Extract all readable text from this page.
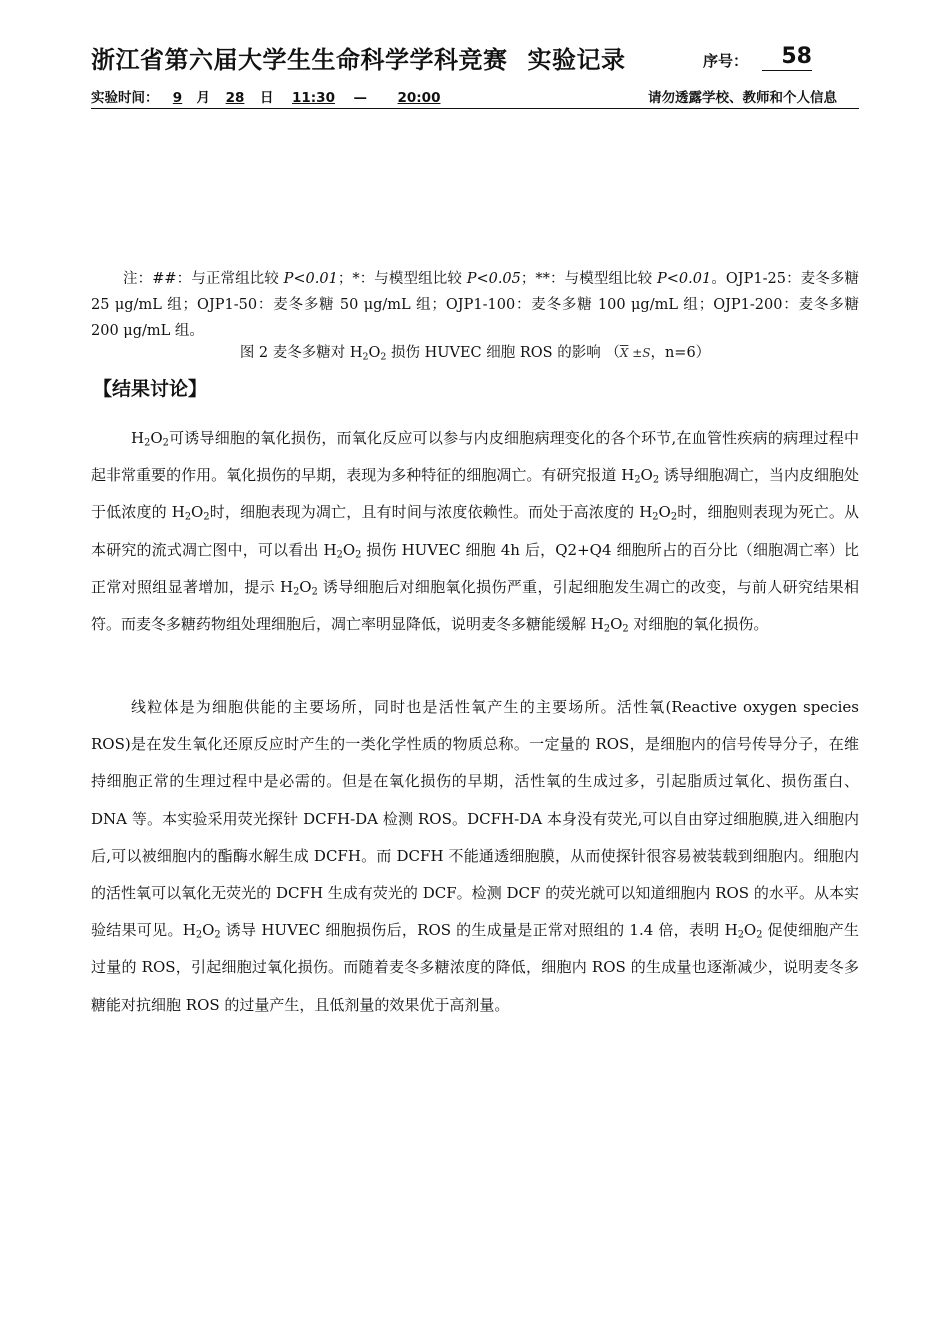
浙江省第六届大学生生命科学学科竞赛 实验记录	序号：	58
实验时间： 9 月 28 日 11:30 — 20:00	请勿透露学校、教师和个人信息
注：##：与正常组比较 P<0.01；*：与模型组比较 P<0.05；**：与模型组比较 P<0.01。OJP1-25：麦冬多糖 25 μg/mL 组；OJP1-50：麦冬多糖 50 μg/mL 组；OJP1-100：麦冬多糖 100 μg/mL 组；OJP1-200：麦冬多糖 200 μg/mL 组。
图 2 麦冬多糖对 $H_2O_2$ 损伤 HUVEC 细胞 ROS 的影响 （$\overline{X} \pm S$，n=6）
【结果讨论】
$H_2O_2$可诱导细胞的氧化损伤，而氧化反应可以参与内皮细胞病理变化的各个环节,在血管性疾病的病理过程中起非常重要的作用。氧化损伤的早期，表现为多种特征的细胞凋亡。有研究报道 $H_2O_2$ 诱导细胞凋亡，当内皮细胞处于低浓度的 $H_2O_2$时，细胞表现为凋亡，且有时间与浓度依赖性。而处于高浓度的 $H_2O_2$时，细胞则表现为死亡。从本研究的流式凋亡图中，可以看出 $H_2O_2$ 损伤 HUVEC 细胞 4h 后，Q2+Q4 细胞所占的百分比（细胞凋亡率）比正常对照组显著增加，提示 $H_2O_2$ 诱导细胞后对细胞氧化损伤严重，引起细胞发生凋亡的改变，与前人研究结果相符。而麦冬多糖药物组处理细胞后，凋亡率明显降低，说明麦冬多糖能缓解 $H_2O_2$ 对细胞的氧化损伤。
线粒体是为细胞供能的主要场所，同时也是活性氧产生的主要场所。活性氧(Reactive oxygen species ROS)是在发生氧化还原反应时产生的一类化学性质的物质总称。一定量的 ROS，是细胞内的信号传导分子，在维持细胞正常的生理过程中是必需的。但是在氧化损伤的早期，活性氧的生成过多，引起脂质过氧化、损伤蛋白、DNA 等。本实验采用荧光探针 DCFH-DA 检测 ROS。DCFH-DA 本身没有荧光,可以自由穿过细胞膜,进入细胞内后,可以被细胞内的酯酶水解生成 DCFH。而 DCFH 不能通透细胞膜，从而使探针很容易被装载到细胞内。细胞内的活性氧可以氧化无荧光的 DCFH 生成有荧光的 DCF。检测 DCF 的荧光就可以知道细胞内 ROS 的水平。从本实验结果可见。$H_2O_2$ 诱导 HUVEC 细胞损伤后，ROS 的生成量是正常对照组的 1.4 倍，表明 $H_2O_2$ 促使细胞产生过量的 ROS，引起细胞过氧化损伤。而随着麦冬多糖浓度的降低，细胞内 ROS 的生成量也逐渐减少，说明麦冬多糖能对抗细胞 ROS 的过量产生，且低剂量的效果优于高剂量。
